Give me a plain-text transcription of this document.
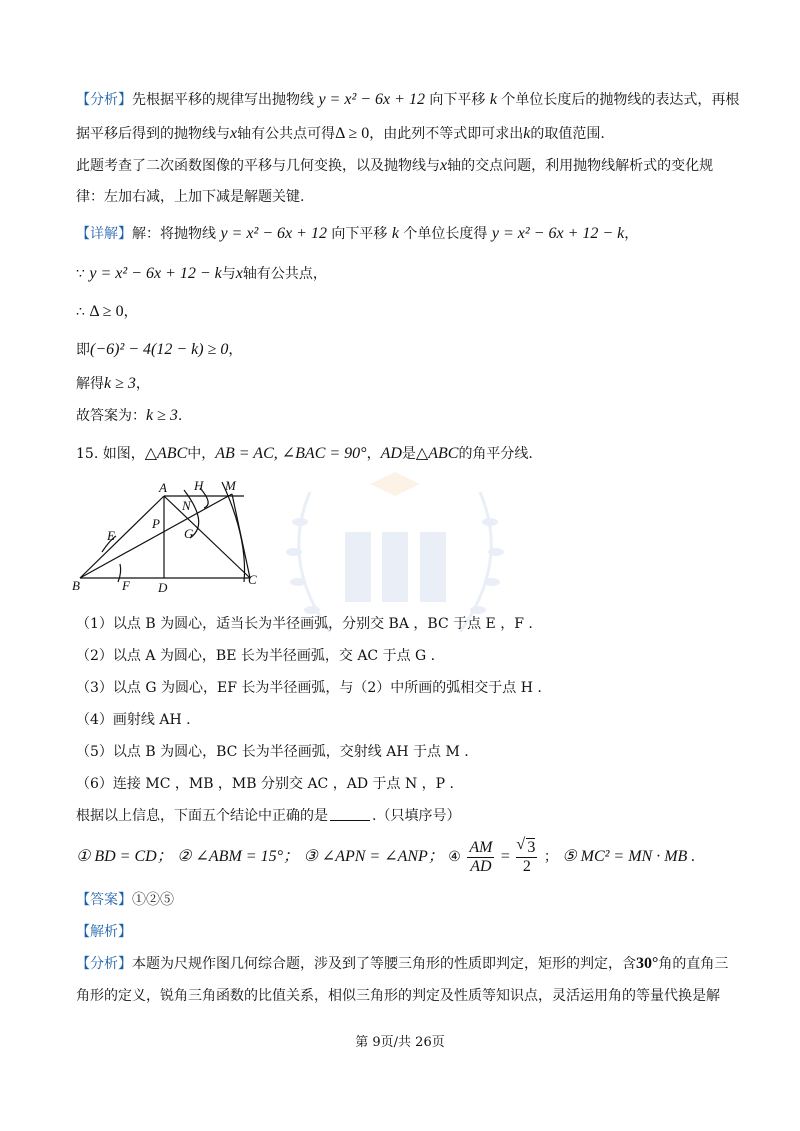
【分析】先根据平移的规律写出抛物线 y = x² − 6x + 12 向下平移 k 个单位长度后的抛物线的表达式，再根
据平移后得到的抛物线与x轴有公共点可得Δ ≥ 0，由此列不等式即可求出k的取值范围.
此题考查了二次函数图像的平移与几何变换，以及抛物线与x轴的交点问题，利用抛物线解析式的变化规
律：左加右减，上加下减是解题关键.
【详解】解：将抛物线 y = x² − 6x + 12 向下平移 k 个单位长度得 y = x² − 6x + 12 − k，
∵ y = x² − 6x + 12 − k与x轴有公共点，
∴ Δ ≥ 0，
即(−6)² − 4(12 − k) ≥ 0，
解得k ≥ 3，
故答案为：k ≥ 3.
15. 如图，△ABC中，AB = AC, ∠BAC = 90°，AD是△ABC的角平分线.
A H M
N
P
G
E
B	F D
C
（1）以点 B 为圆心，适当长为半径画弧，分别交 BA ，BC 于点 E ，F .
（2）以点 A 为圆心，BE 长为半径画弧，交 AC 于点 G .
（3）以点 G 为圆心，EF 长为半径画弧，与（2）中所画的弧相交于点 H .
（4）画射线 AH .
（5）以点 B 为圆心，BC 长为半径画弧，交射线 AH 于点 M .
（6）连接 MC ，MB ，MB 分别交 AC ，AD 于点 N ，P .
根据以上信息，下面五个结论中正确的是	.（只填序号）
① BD = CD； ② ∠ABM = 15°； ③ ∠APN = ∠ANP； ④ $\frac{AM}{AD}$ =
√ $\frac{3}{2}$ ； ⑤ MC² = MN · MB .
【答案】①②⑤
【解析】
【分析】本题为尺规作图几何综合题，涉及到了等腰三角形的性质即判定，矩形的判定，含30°角的直角三
角形的定义，锐角三角函数的比值关系，相似三角形的判定及性质等知识点，灵活运用角的等量代换是解
第 9页/共 26页
